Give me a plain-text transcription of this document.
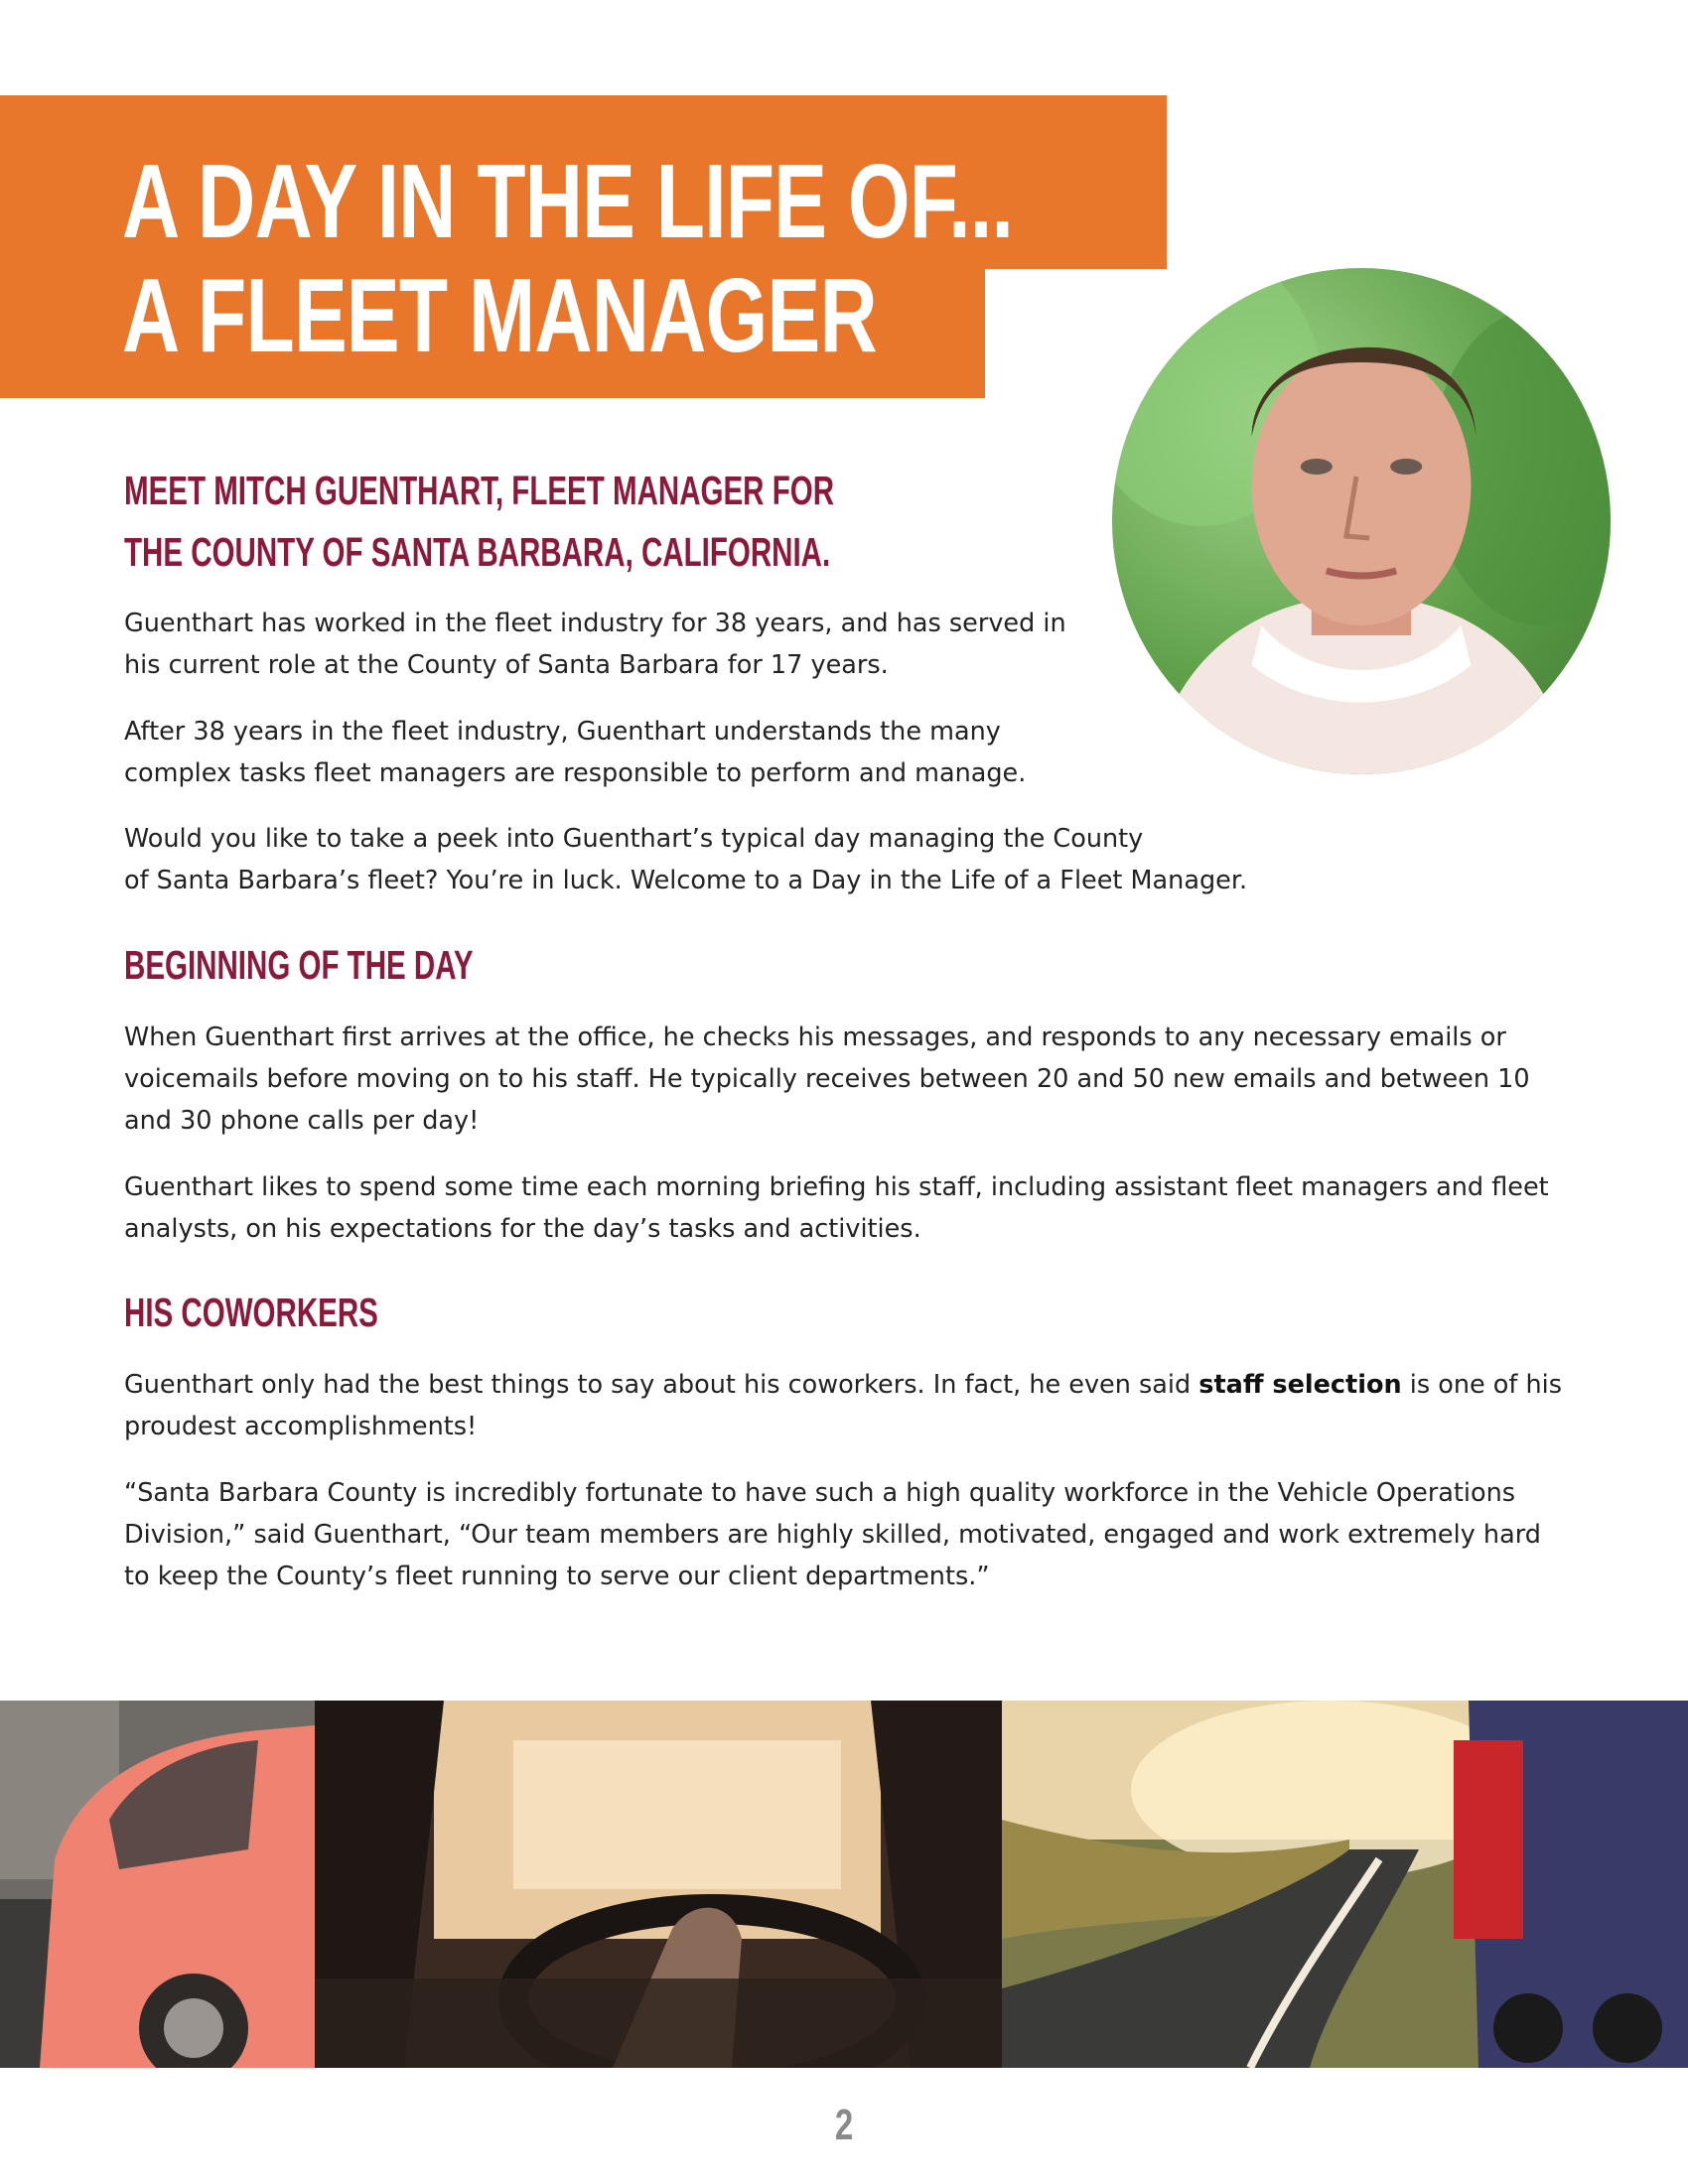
A DAY IN THE LIFE OF...
A FLEET MANAGER
MEET MITCH GUENTHART, FLEET MANAGER FOR
THE COUNTY OF SANTA BARBARA, CALIFORNIA.
Guenthart has worked in the fleet industry for 38 years, and has served in
his current role at the County of Santa Barbara for 17 years.
After 38 years in the fleet industry, Guenthart understands the many
complex tasks fleet managers are responsible to perform and manage.
Would you like to take a peek into Guenthart’s typical day managing the County
of Santa Barbara’s fleet? You’re in luck. Welcome to a Day in the Life of a Fleet Manager.
BEGINNING OF THE DAY
When Guenthart first arrives at the office, he checks his messages, and responds to any necessary emails or
voicemails before moving on to his staff. He typically receives between 20 and 50 new emails and between 10
and 30 phone calls per day!
Guenthart likes to spend some time each morning briefing his staff, including assistant fleet managers and fleet
analysts, on his expectations for the day’s tasks and activities.
HIS COWORKERS
Guenthart only had the best things to say about his coworkers. In fact, he even said staff selection is one of his
proudest accomplishments!
“Santa Barbara County is incredibly fortunate to have such a high quality workforce in the Vehicle Operations
Division,” said Guenthart, “Our team members are highly skilled, motivated, engaged and work extremely hard
to keep the County’s fleet running to serve our client departments.”
2
